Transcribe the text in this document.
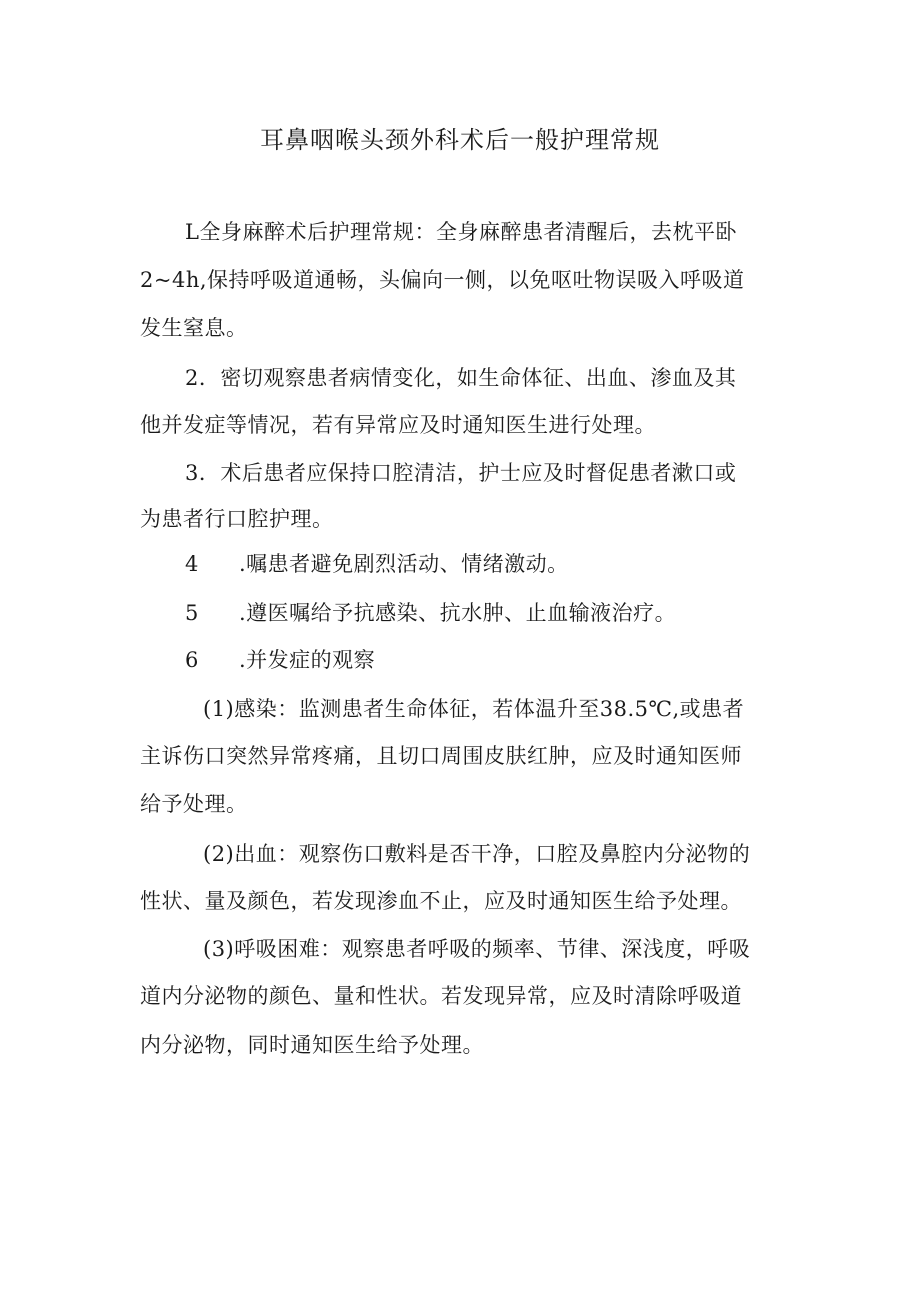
耳鼻咽喉头颈外科术后一般护理常规
L全身麻醉术后护理常规：全身麻醉患者清醒后，去枕平卧
2~4h,保持呼吸道通畅，头偏向一侧，以免呕吐物误吸入呼吸道
发生窒息。
2．密切观察患者病情变化，如生命体征、出血、渗血及其
他并发症等情况，若有异常应及时通知医生进行处理。
3．术后患者应保持口腔清洁，护士应及时督促患者漱口或
为患者行口腔护理。
4 .嘱患者避免剧烈活动、情绪激动。
5 .遵医嘱给予抗感染、抗水肿、止血输液治疗。
6 .并发症的观察
(1)感染：监测患者生命体征，若体温升至38.5℃,或患者
主诉伤口突然异常疼痛，且切口周围皮肤红肿，应及时通知医师
给予处理。
(2)出血：观察伤口敷料是否干净，口腔及鼻腔内分泌物的
性状、量及颜色，若发现渗血不止，应及时通知医生给予处理。
(3)呼吸困难：观察患者呼吸的频率、节律、深浅度，呼吸
道内分泌物的颜色、量和性状。若发现异常，应及时清除呼吸道
内分泌物，同时通知医生给予处理。
